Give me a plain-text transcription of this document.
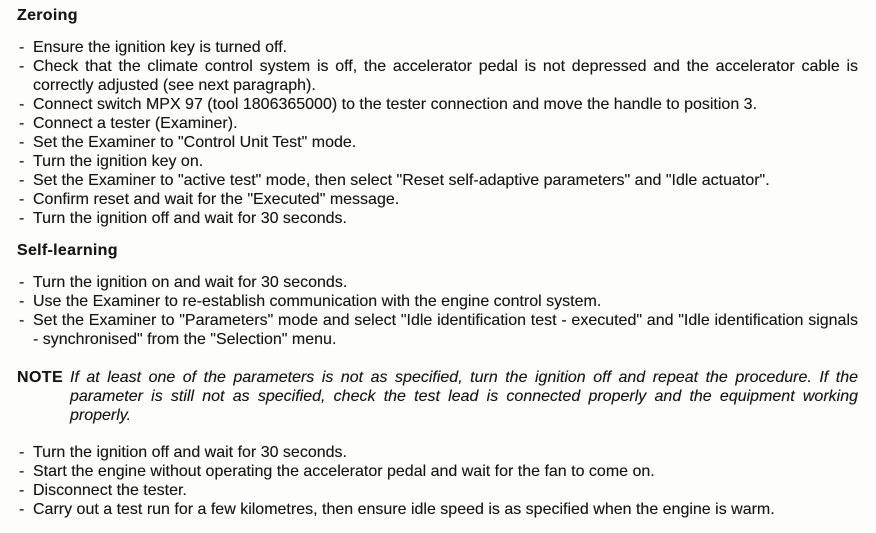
Zeroing
- Ensure the ignition key is turned off.
- Check that the climate control system is off, the accelerator pedal is not depressed and the accelerator cable is correctly adjusted (see next paragraph).
- Connect switch MPX 97 (tool 1806365000) to the tester connection and move the handle to position 3.
- Connect a tester (Examiner).
- Set the Examiner to "Control Unit Test" mode.
- Turn the ignition key on.
- Set the Examiner to "active test" mode, then select "Reset self-adaptive parameters" and "Idle actuator".
- Confirm reset and wait for the "Executed" message.
- Turn the ignition off and wait for 30 seconds.
Self-learning
- Turn the ignition on and wait for 30 seconds.
- Use the Examiner to re-establish communication with the engine control system.
- Set the Examiner to "Parameters" mode and select "Idle identification test - executed" and "Idle identification signals - synchronised" from the "Selection" menu.
NOTE If at least one of the parameters is not as specified, turn the ignition off and repeat the procedure. If the parameter is still not as specified, check the test lead is connected properly and the equipment working properly.
- Turn the ignition off and wait for 30 seconds.
- Start the engine without operating the accelerator pedal and wait for the fan to come on.
- Disconnect the tester.
- Carry out a test run for a few kilometres, then ensure idle speed is as specified when the engine is warm.
